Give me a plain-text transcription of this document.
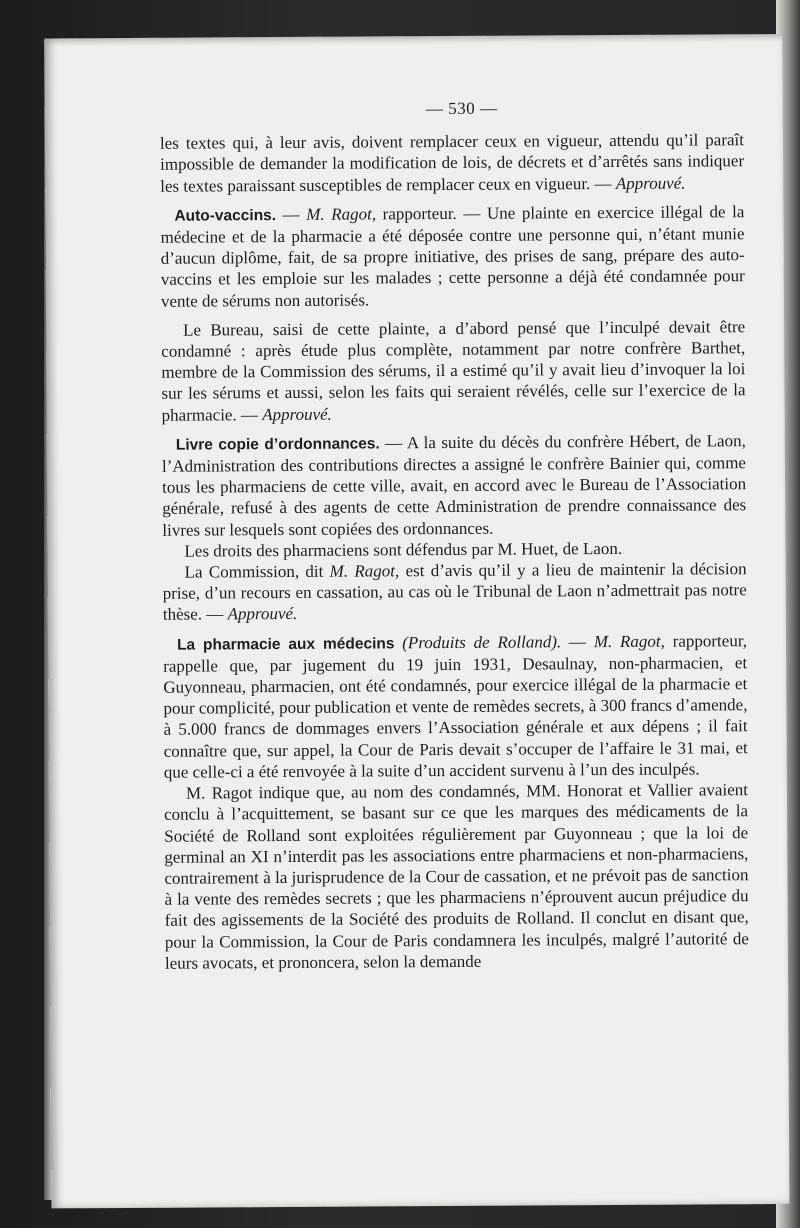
— 530 —

les textes qui, à leur avis, doivent remplacer ceux en vigueur, attendu qu’il paraît impossible de demander la modification de lois, de décrets et d’arrêtés sans indiquer les textes paraissant susceptibles de remplacer ceux en vigueur. — Approuvé.

Auto-vaccins. — M. Ragot, rapporteur. — Une plainte en exercice illégal de la médecine et de la pharmacie a été déposée contre une personne qui, n’étant munie d’aucun diplôme, fait, de sa propre initiative, des prises de sang, prépare des auto-vaccins et les emploie sur les malades ; cette personne a déjà été condamnée pour vente de sérums non autorisés.

Le Bureau, saisi de cette plainte, a d’abord pensé que l’inculpé devait être condamné : après étude plus complète, notamment par notre confrère Barthet, membre de la Commission des sérums, il a estimé qu’il y avait lieu d’invoquer la loi sur les sérums et aussi, selon les faits qui seraient révélés, celle sur l’exercice de la pharmacie. — Approuvé.

Livre copie d’ordonnances. — A la suite du décès du confrère Hébert, de Laon, l’Administration des contributions directes a assigné le confrère Bainier qui, comme tous les pharmaciens de cette ville, avait, en accord avec le Bureau de l’Association générale, refusé à des agents de cette Administration de prendre connaissance des livres sur lesquels sont copiées des ordonnances.

Les droits des pharmaciens sont défendus par M. Huet, de Laon.

La Commission, dit M. Ragot, est d’avis qu’il y a lieu de maintenir la décision prise, d’un recours en cassation, au cas où le Tribunal de Laon n’admettrait pas notre thèse. — Approuvé.

La pharmacie aux médecins (Produits de Rolland). — M. Ragot, rapporteur, rappelle que, par jugement du 19 juin 1931, Desaulnay, non-pharmacien, et Guyonneau, pharmacien, ont été condamnés, pour exercice illégal de la pharmacie et pour complicité, pour publication et vente de remèdes secrets, à 300 francs d’amende, à 5.000 francs de dommages envers l’Association générale et aux dépens ; il fait connaître que, sur appel, la Cour de Paris devait s’occuper de l’affaire le 31 mai, et que celle-ci a été renvoyée à la suite d’un accident survenu à l’un des inculpés.

M. Ragot indique que, au nom des condamnés, MM. Honorat et Vallier avaient conclu à l’acquittement, se basant sur ce que les marques des médicaments de la Société de Rolland sont exploitées régulièrement par Guyonneau ; que la loi de germinal an XI n’interdit pas les associations entre pharmaciens et non-pharmaciens, contrairement à la jurisprudence de la Cour de cassation, et ne prévoit pas de sanction à la vente des remèdes secrets ; que les pharmaciens n’éprouvent aucun préjudice du fait des agissements de la Société des produits de Rolland. Il conclut en disant que, pour la Commission, la Cour de Paris condamnera les inculpés, malgré l’autorité de leurs avocats, et prononcera, selon la demande
